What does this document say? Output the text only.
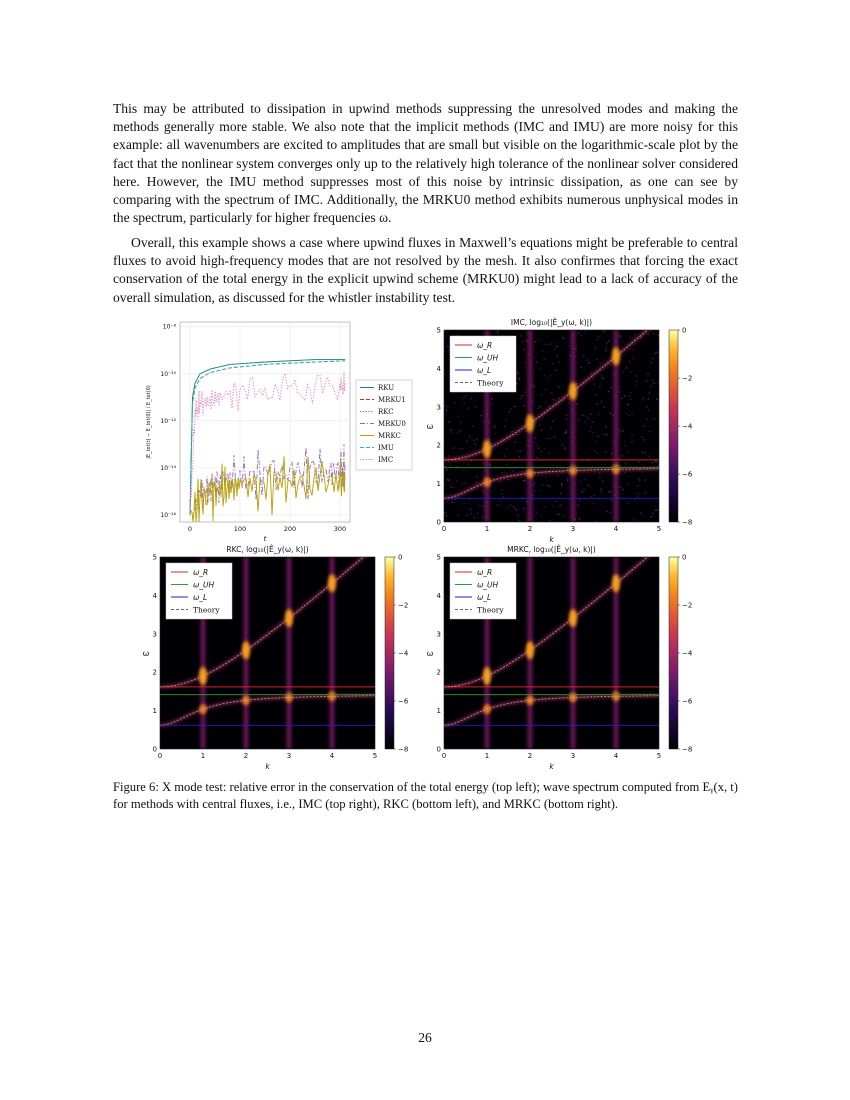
This may be attributed to dissipation in upwind methods suppressing the unresolved modes and making the methods generally more stable. We also note that the implicit methods (IMC and IMU) are more noisy for this example: all wavenumbers are excited to amplitudes that are small but visible on the logarithmic-scale plot by the fact that the nonlinear system converges only up to the relatively high tolerance of the nonlinear solver considered here. However, the IMU method suppresses most of this noise by intrinsic dissipation, as one can see by comparing with the spectrum of IMC. Additionally, the MRKU0 method exhibits numerous unphysical modes in the spectrum, particularly for higher frequencies ω.

Overall, this example shows a case where upwind fluxes in Maxwell’s equations might be preferable to central fluxes to avoid high-frequency modes that are not resolved by the mesh. It also confirmes that forcing the exact conservation of the total energy in the explicit upwind scheme (MRKU0) might lead to a lack of accuracy of the overall simulation, as discussed for the whistler instability test.

0	100	200	300
10⁻⁸
10⁻¹⁰
10⁻¹²
10⁻¹⁴
10⁻¹⁶
t
|E_tot(t) − E_tot(0)| / E_tot(0)	RKU
MRKU1
RKC
MRKU0
MRKC
IMU
IMC
IMC, log₁₀(|Ê_y(ω, k)|)
0
0
1
1
2
2
3
3
4
4
5
5
k
ω
ω_R
ω_UH
ω_L
Theory
0
−2
−4
−6
−8
RKC, log₁₀(|Ê_y(ω, k)|)
0
0
1
1
2
2
3
3
4
4
5
5
k
ω
ω_R
ω_UH
ω_L
Theory
0
−2
−4
−6
−8
MRKC, log₁₀(|Ê_y(ω, k)|)
0
0
1
1
2
2
3
3
4
4
5
5
k
ω
ω_R
ω_UH
ω_L
Theory
0
−2
−4
−6
−8

Figure 6: X mode test: relative error in the conservation of the total energy (top left); wave spectrum computed from Eᵧ(x, t) for methods with central fluxes, i.e., IMC (top right), RKC (bottom left), and MRKC (bottom right).

26
